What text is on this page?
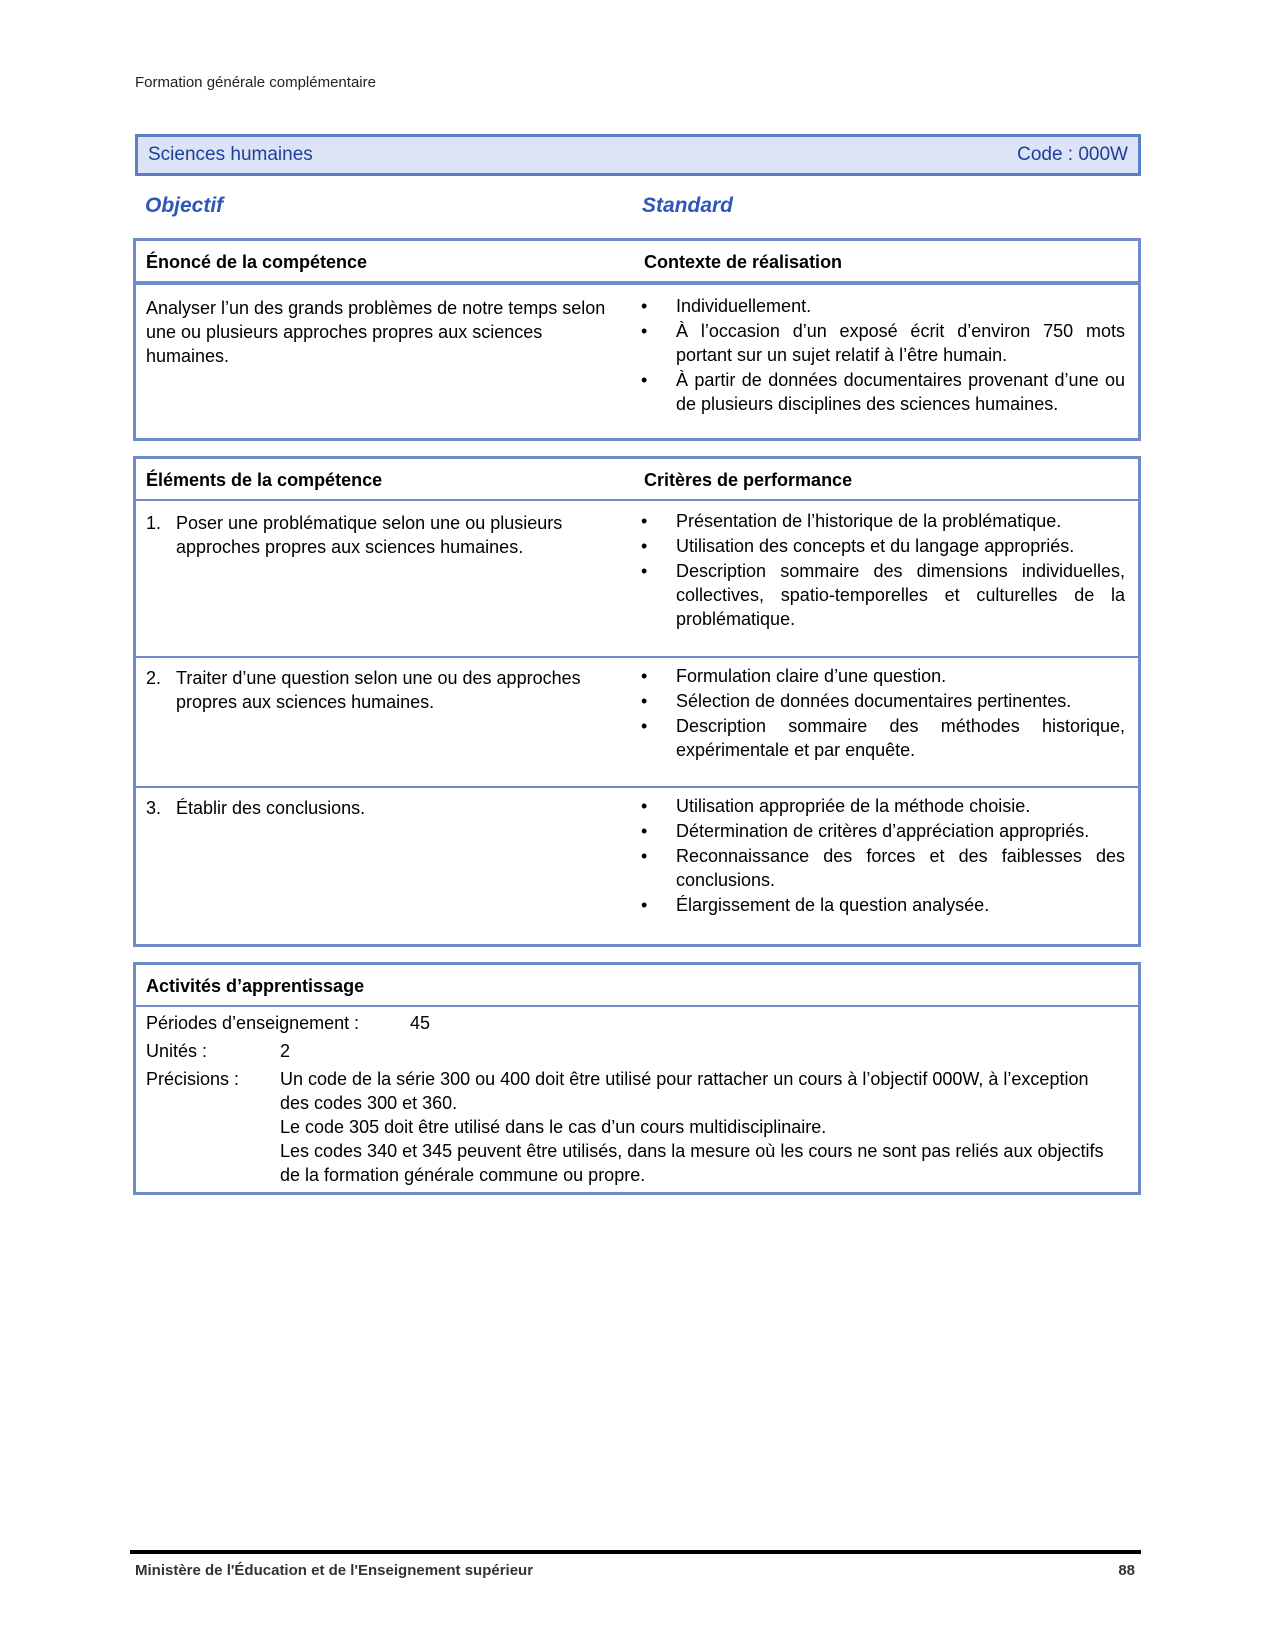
Formation générale complémentaire
Sciences humaines	Code : 000W
Objectif	Standard
Énoncé de la compétence	Contexte de réalisation
Analyser l’un des grands problèmes de notre temps selon une ou plusieurs approches propres aux sciences humaines.
•	Individuellement.
•	À l’occasion d’un exposé écrit d’environ 750 mots portant sur un sujet relatif à l’être humain.
•	À partir de données documentaires provenant d’une ou de plusieurs disciplines des sciences humaines.
Éléments de la compétence	Critères de performance
1. Poser une problématique selon une ou plusieurs approches propres aux sciences humaines.
•	Présentation de l’historique de la problématique.
•	Utilisation des concepts et du langage appropriés.
•	Description sommaire des dimensions individuelles, collectives, spatio-temporelles et culturelles de la problématique.
2. Traiter d’une question selon une ou des approches propres aux sciences humaines.
•	Formulation claire d’une question.
•	Sélection de données documentaires pertinentes.
•	Description sommaire des méthodes historique, expérimentale et par enquête.
3. Établir des conclusions.	•	Utilisation appropriée de la méthode choisie.
•	Détermination de critères d’appréciation appropriés.
•	Reconnaissance des forces et des faiblesses des conclusions.
•	Élargissement de la question analysée.
Activités d’apprentissage
Périodes d’enseignement :	45
Unités :	2
Précisions : Un code de la série 300 ou 400 doit être utilisé pour rattacher un cours à l’objectif 000W, à l’exception des codes 300 et 360.
Le code 305 doit être utilisé dans le cas d’un cours multidisciplinaire.
Les codes 340 et 345 peuvent être utilisés, dans la mesure où les cours ne sont pas reliés aux objectifs de la formation générale commune ou propre.
Ministère de l'Éducation et de l'Enseignement supérieur	88
